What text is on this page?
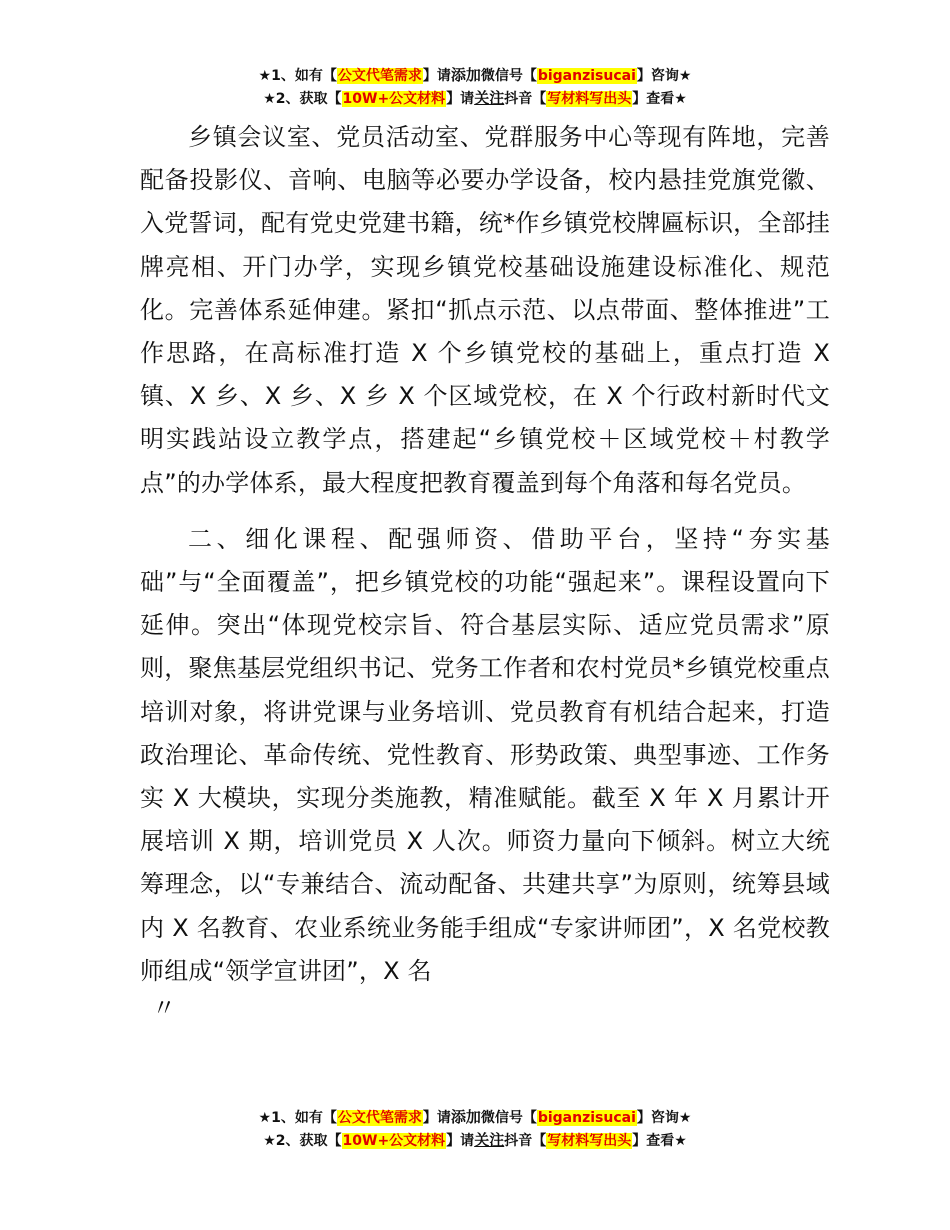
★1、如有【公文代笔需求】请添加微信号【biganzisucai】咨询★
★2、获取【10W+公文材料】请关注抖音【写材料写出头】查看★

乡镇会议室、党员活动室、党群服务中心等现有阵地，完善配备投影仪、音响、电脑等必要办学设备，校内悬挂党旗党徽、入党誓词，配有党史党建书籍，统*作乡镇党校牌匾标识，全部挂牌亮相、开门办学，实现乡镇党校基础设施建设标准化、规范化。完善体系延伸建。紧扣“抓点示范、以点带面、整体推进”工作思路，在高标准打造 X 个乡镇党校的基础上，重点打造 X 镇、X 乡、X 乡、X 乡 X 个区域党校，在 X 个行政村新时代文明实践站设立教学点，搭建起“乡镇党校＋区域党校＋村教学点”的办学体系，最大程度把教育覆盖到每个角落和每名党员。

二、细化课程、配强师资、借助平台，坚持“夯实基础”与“全面覆盖”，把乡镇党校的功能“强起来”。课程设置向下延伸。突出“体现党校宗旨、符合基层实际、适应党员需求”原则，聚焦基层党组织书记、党务工作者和农村党员*乡镇党校重点培训对象，将讲党课与业务培训、党员教育有机结合起来，打造政治理论、革命传统、党性教育、形势政策、典型事迹、工作务实 X 大模块，实现分类施教，精准赋能。截至 X 年 X 月累计开展培训 X 期，培训党员 X 人次。师资力量向下倾斜。树立大统筹理念，以“专兼结合、流动配备、共建共享”为原则，统筹县域内 X 名教育、农业系统业务能手组成“专家讲师团”，X 名党校教师组成“领学宣讲团”，X 名

〃
★1、如有【公文代笔需求】请添加微信号【biganzisucai】咨询★
★2、获取【10W+公文材料】请关注抖音【写材料写出头】查看★
